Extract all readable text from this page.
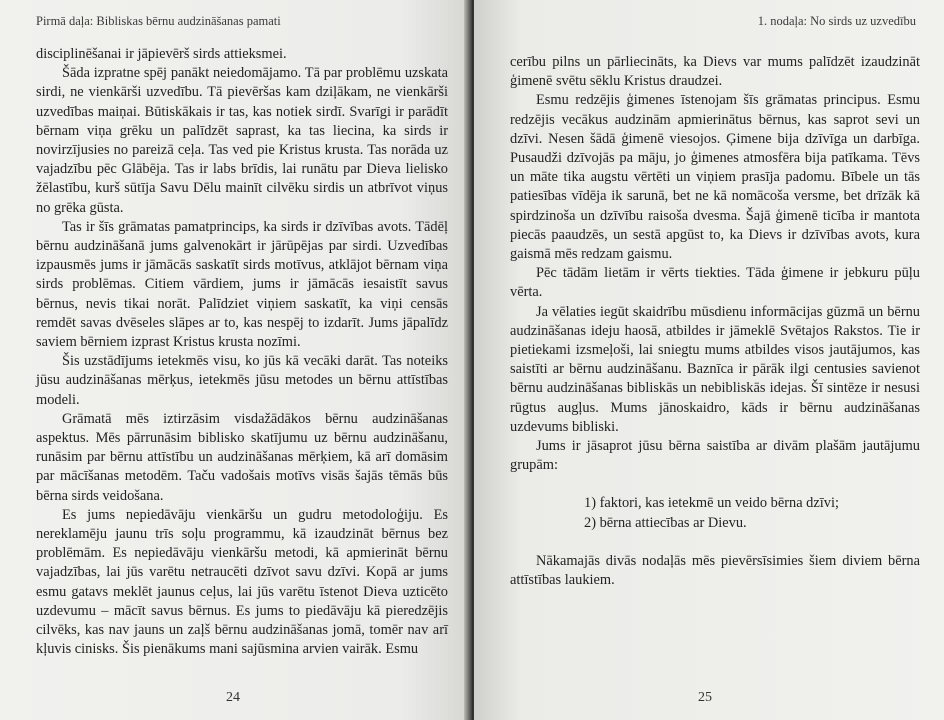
Pirmā daļa: Bibliskas bērnu audzināšanas pamati

disciplinēšanai ir jāpievērš sirds attieksmei.

Šāda izpratne spēj panākt neiedomājamo. Tā par problēmu uzskata sirdi, ne vienkārši uzvedību. Tā pievēršas kam dziļākam, ne vienkārši uzvedības maiņai. Būtiskākais ir tas, kas notiek sirdī. Svarīgi ir parādīt bērnam viņa grēku un palīdzēt saprast, ka tas liecina, ka sirds ir novirzījusies no pareizā ceļa. Tas ved pie Kristus krusta. Tas norāda uz vajadzību pēc Glābēja. Tas ir labs brīdis, lai runātu par Dieva lielisko žēlastību, kurš sūtīja Savu Dēlu mainīt cilvēku sirdis un atbrīvot viņus no grēka gūsta.

Tas ir šīs grāmatas pamatprincips, ka sirds ir dzīvības avots. Tādēļ bērnu audzināšanā jums galvenokārt ir jārūpējas par sirdi. Uzvedības izpausmēs jums ir jāmācās saskatīt sirds motīvus, atklājot bērnam viņa sirds problēmas. Citiem vārdiem, jums ir jāmācās iesaistīt savus bērnus, nevis tikai norāt. Palīdziet viņiem saskatīt, ka viņi censās remdēt savas dvēseles slāpes ar to, kas nespēj to izdarīt. Jums jāpalīdz saviem bērniem izprast Kristus krusta nozīmi.

Šis uzstādījums ietekmēs visu, ko jūs kā vecāki darāt. Tas noteiks jūsu audzināšanas mērķus, ietekmēs jūsu metodes un bērnu attīstības modeli.

Grāmatā mēs iztirzāsim visdažādākos bērnu audzināšanas aspektus. Mēs pārrunāsim biblisko skatījumu uz bērnu audzināšanu, runāsim par bērnu attīstību un audzināšanas mērķiem, kā arī domāsim par mācīšanas metodēm. Taču vadošais motīvs visās šajās tēmās būs bērna sirds veidošana.

Es jums nepiedāvāju vienkāršu un gudru metodoloģiju. Es nereklamēju jaunu trīs soļu programmu, kā izaudzināt bērnus bez problēmām. Es nepiedāvāju vienkāršu metodi, kā apmierināt bērnu vajadzības, lai jūs varētu netraucēti dzīvot savu dzīvi. Kopā ar jums esmu gatavs meklēt jaunus ceļus, lai jūs varētu īstenot Dieva uzticēto uzdevumu – mācīt savus bērnus. Es jums to piedāvāju kā pieredzējis cilvēks, kas nav jauns un zaļš bērnu audzināšanas jomā, tomēr nav arī kļuvis cinisks. Šis pienākums mani sajūsmina arvien vairāk. Esmu

24
1. nodaļa: No sirds uz uzvedību

cerību pilns un pārliecināts, ka Dievs var mums palīdzēt izaudzināt ģimenē svētu sēklu Kristus draudzei.

Esmu redzējis ģimenes īstenojam šīs grāmatas principus. Esmu redzējis vecākus audzinām apmierinātus bērnus, kas saprot sevi un dzīvi. Nesen šādā ģimenē viesojos. Ģimene bija dzīvīga un darbīga. Pusaudži dzīvojās pa māju, jo ģimenes atmosfēra bija patīkama. Tēvs un māte tika augstu vērtēti un viņiem prasīja padomu. Bībele un tās patiesības vīdēja ik sarunā, bet ne kā nomācoša versme, bet drīzāk kā spirdzinoša un dzīvību raisoša dvesma. Šajā ģimenē ticība ir mantota piecās paaudzēs, un sestā apgūst to, ka Dievs ir dzīvības avots, kura gaismā mēs redzam gaismu.

Pēc tādām lietām ir vērts tiekties. Tāda ģimene ir jebkuru pūļu vērta.

Ja vēlaties iegūt skaidrību mūsdienu informācijas gūzmā un bērnu audzināšanas ideju haosā, atbildes ir jāmeklē Svētajos Rakstos. Tie ir pietiekami izsmeļoši, lai sniegtu mums atbildes visos jautājumos, kas saistīti ar bērnu audzināšanu. Baznīca ir pārāk ilgi centusies savienot bērnu audzināšanas bibliskās un nebibliskās idejas. Šī sintēze ir nesusi rūgtus augļus. Mums jānoskaidro, kāds ir bērnu audzināšanas uzdevums bibliski.

Jums ir jāsaprot jūsu bērna saistība ar divām plašām jautājumu grupām:

1) faktori, kas ietekmē un veido bērna dzīvi;

2) bērna attiecības ar Dievu.

Nākamajās divās nodaļās mēs pievērsīsimies šiem diviem bērna attīstības laukiem.

25
